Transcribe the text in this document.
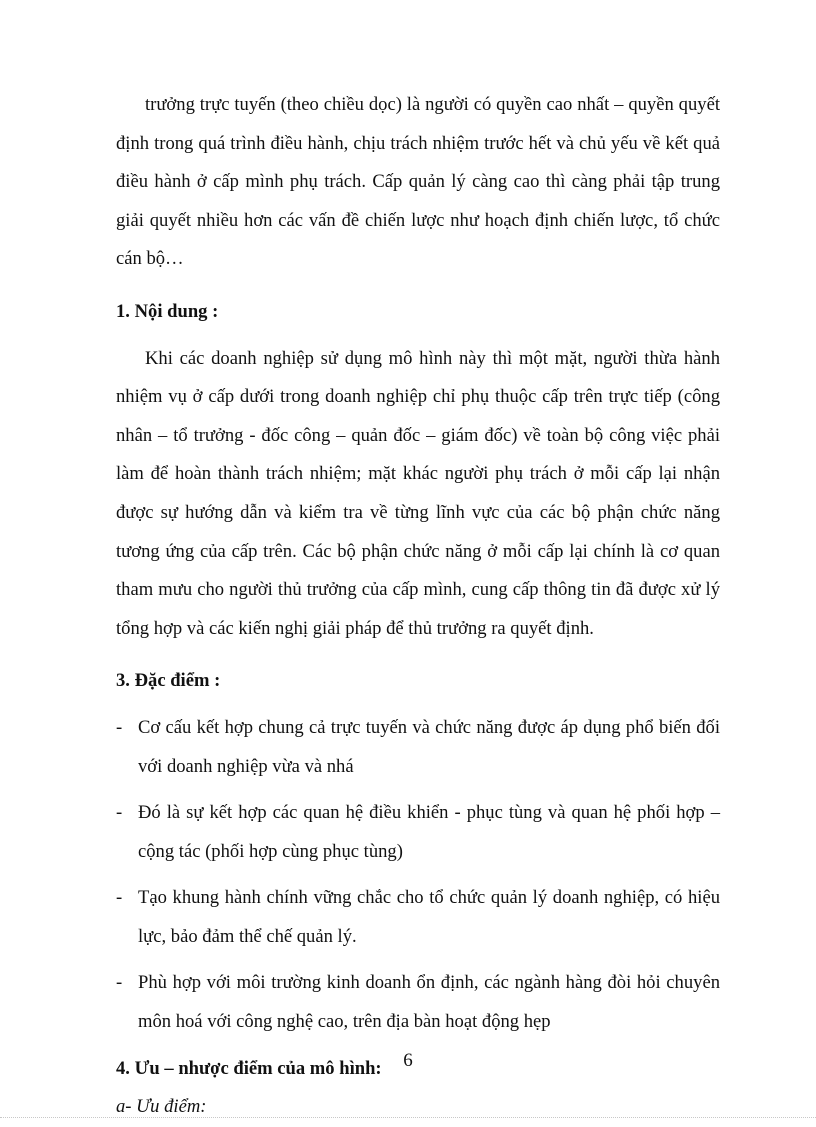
trưởng trực tuyến (theo chiều dọc) là người có quyền cao nhất – quyền quyết định trong quá trình điều hành, chịu trách nhiệm trước hết và chủ yếu về kết quả điều hành ở cấp mình phụ trách. Cấp quản lý càng cao thì càng phải tập trung giải quyết nhiều hơn các vấn đề chiến lược như hoạch định chiến lược, tổ chức cán bộ…

1. Nội dung :

Khi các doanh nghiệp sử dụng mô hình này thì một mặt, người thừa hành nhiệm vụ ở cấp dưới trong doanh nghiệp chỉ phụ thuộc cấp trên trực tiếp (công nhân – tổ trưởng - đốc công – quản đốc – giám đốc) về toàn bộ công việc phải làm để hoàn thành trách nhiệm; mặt khác người phụ trách ở mỗi cấp lại nhận được sự hướng dẫn và kiểm tra về từng lĩnh vực của các bộ phận chức năng tương ứng của cấp trên. Các bộ phận chức năng ở mỗi cấp lại chính là cơ quan tham mưu cho người thủ trưởng của cấp mình, cung cấp thông tin đã được xử lý tổng hợp và các kiến nghị giải pháp để thủ trưởng ra quyết định.

3. Đặc điểm :

- Cơ cấu kết hợp chung cả trực tuyến và chức năng được áp dụng phổ biến đối với doanh nghiệp vừa và nhá
- Đó là sự kết hợp các quan hệ điều khiển - phục tùng và quan hệ phối hợp – cộng tác (phối hợp cùng phục tùng)
- Tạo khung hành chính vững chắc cho tổ chức quản lý doanh nghiệp, có hiệu lực, bảo đảm thể chế quản lý.
- Phù hợp với môi trường kinh doanh ổn định, các ngành hàng đòi hỏi chuyên môn hoá với công nghệ cao, trên địa bàn hoạt động hẹp

4. Ưu – nhược điểm của mô hình:

a- Ưu điểm:

6
